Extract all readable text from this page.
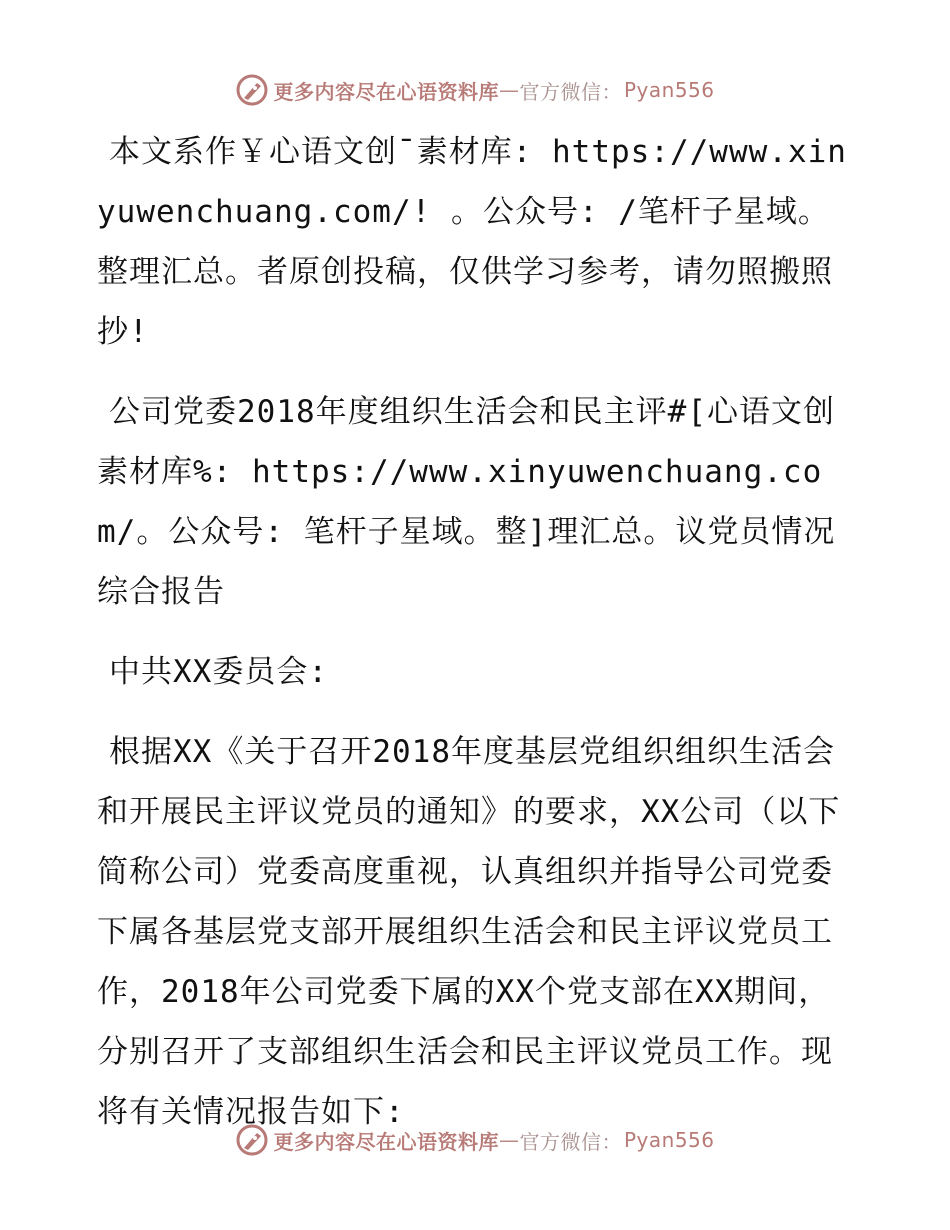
更多内容尽在心语资料库 — 官方微信： Pyan556

本文系作￥心语文创¯素材库: https://www.xinyuwenchuang.com/! 。公众号: /笔杆子星域。整理汇总。者原创投稿，仅供学习参考，请勿照搬照抄!

公司党委2018年度组织生活会和民主评#[心语文创素材库%: https://www.xinyuwenchuang.com/。公众号: 笔杆子星域。整]理汇总。议党员情况综合报告

中共XX委员会:

根据XX《关于召开2018年度基层党组织组织生活会和开展民主评议党员的通知》的要求，XX公司（以下简称公司）党委高度重视，认真组织并指导公司党委下属各基层党支部开展组织生活会和民主评议党员工作，2018年公司党委下属的XX个党支部在XX期间，分别召开了支部组织生活会和民主评议党员工作。现将有关情况报告如下:

更多内容尽在心语资料库 — 官方微信： Pyan556
